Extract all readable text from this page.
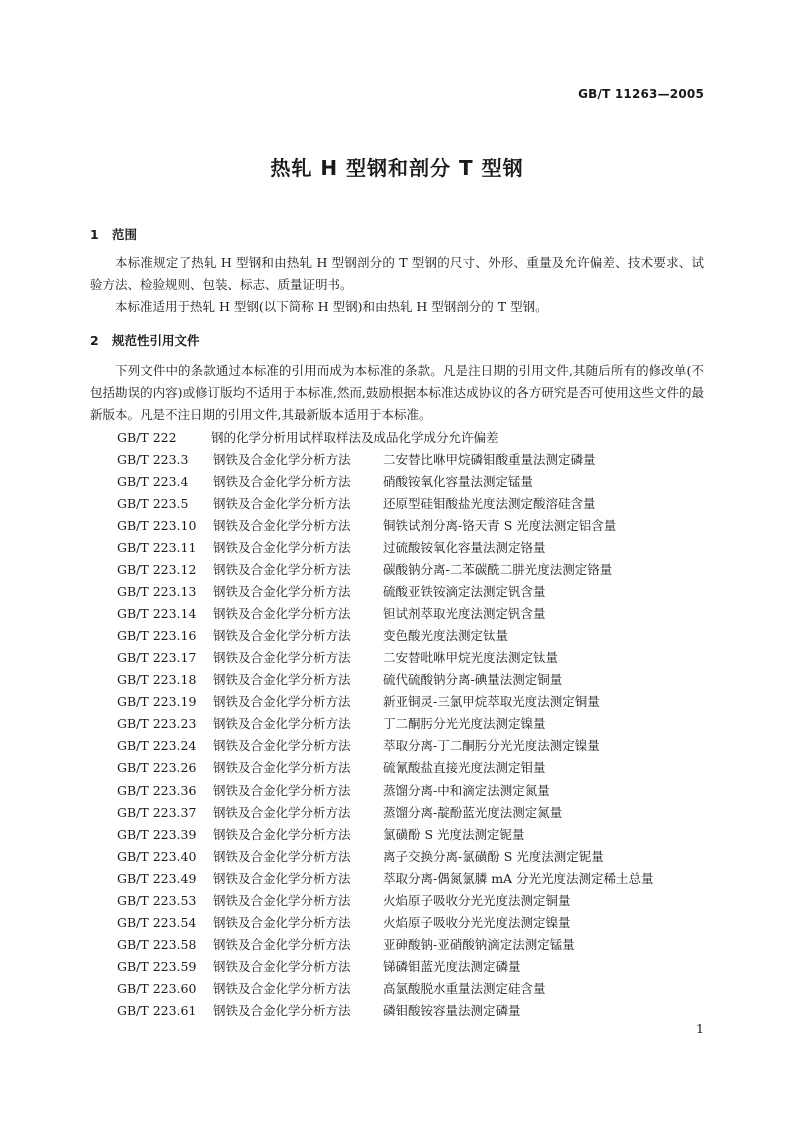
GB/T 11263—2005
热轧 H 型钢和剖分 T 型钢
1 范围
本标准规定了热轧 H 型钢和由热轧 H 型钢剖分的 T 型钢的尺寸、外形、重量及允许偏差、技术要求、试验方法、检验规则、包装、标志、质量证明书。
本标准适用于热轧 H 型钢(以下简称 H 型钢)和由热轧 H 型钢剖分的 T 型钢。
2 规范性引用文件
下列文件中的条款通过本标准的引用而成为本标准的条款。凡是注日期的引用文件,其随后所有的修改单(不包括勘误的内容)或修订版均不适用于本标准,然而,鼓励根据本标准达成协议的各方研究是否可使用这些文件的最新版本。凡是不注日期的引用文件,其最新版本适用于本标准。
GB/T 222	钢的化学分析用试样取样法及成品化学成分允许偏差
GB/T 223.3	钢铁及合金化学分析方法	二安替比咻甲烷磷钼酸重量法测定磷量
GB/T 223.4	钢铁及合金化学分析方法	硝酸铵氧化容量法测定锰量
GB/T 223.5	钢铁及合金化学分析方法	还原型硅钼酸盐光度法测定酸溶硅含量
GB/T 223.10	钢铁及合金化学分析方法	铜铁试剂分离-铬天青 S 光度法测定铝含量
GB/T 223.11	钢铁及合金化学分析方法	过硫酸铵氧化容量法测定铬量
GB/T 223.12	钢铁及合金化学分析方法	碳酸钠分离-二苯碳酰二肼光度法测定铬量
GB/T 223.13	钢铁及合金化学分析方法	硫酸亚铁铵滴定法测定钒含量
GB/T 223.14	钢铁及合金化学分析方法	钽试剂萃取光度法测定钒含量
GB/T 223.16	钢铁及合金化学分析方法	变色酸光度法测定钛量
GB/T 223.17	钢铁及合金化学分析方法	二安替吡咻甲烷光度法测定钛量
GB/T 223.18	钢铁及合金化学分析方法	硫代硫酸钠分离-碘量法测定铜量
GB/T 223.19	钢铁及合金化学分析方法	新亚铜灵-三氯甲烷萃取光度法测定铜量
GB/T 223.23	钢铁及合金化学分析方法	丁二酮肟分光光度法测定镍量
GB/T 223.24	钢铁及合金化学分析方法	萃取分离-丁二酮肟分光光度法测定镍量
GB/T 223.26	钢铁及合金化学分析方法	硫氰酸盐直接光度法测定钼量
GB/T 223.36	钢铁及合金化学分析方法	蒸馏分离-中和滴定法测定氮量
GB/T 223.37	钢铁及合金化学分析方法	蒸馏分离-靛酚蓝光度法测定氮量
GB/T 223.39	钢铁及合金化学分析方法	氯磺酚 S 光度法测定铌量
GB/T 223.40	钢铁及合金化学分析方法	离子交换分离-氯磺酚 S 光度法测定铌量
GB/T 223.49	钢铁及合金化学分析方法	萃取分离-偶氮氯膦 mA 分光光度法测定稀土总量
GB/T 223.53	钢铁及合金化学分析方法	火焰原子吸收分光光度法测定铜量
GB/T 223.54	钢铁及合金化学分析方法	火焰原子吸收分光光度法测定镍量
GB/T 223.58	钢铁及合金化学分析方法	亚砷酸钠-亚硝酸钠滴定法测定锰量
GB/T 223.59	钢铁及合金化学分析方法	锑磷钼蓝光度法测定磷量
GB/T 223.60	钢铁及合金化学分析方法	高氯酸脱水重量法测定硅含量
GB/T 223.61	钢铁及合金化学分析方法	磷钼酸铵容量法测定磷量
1
